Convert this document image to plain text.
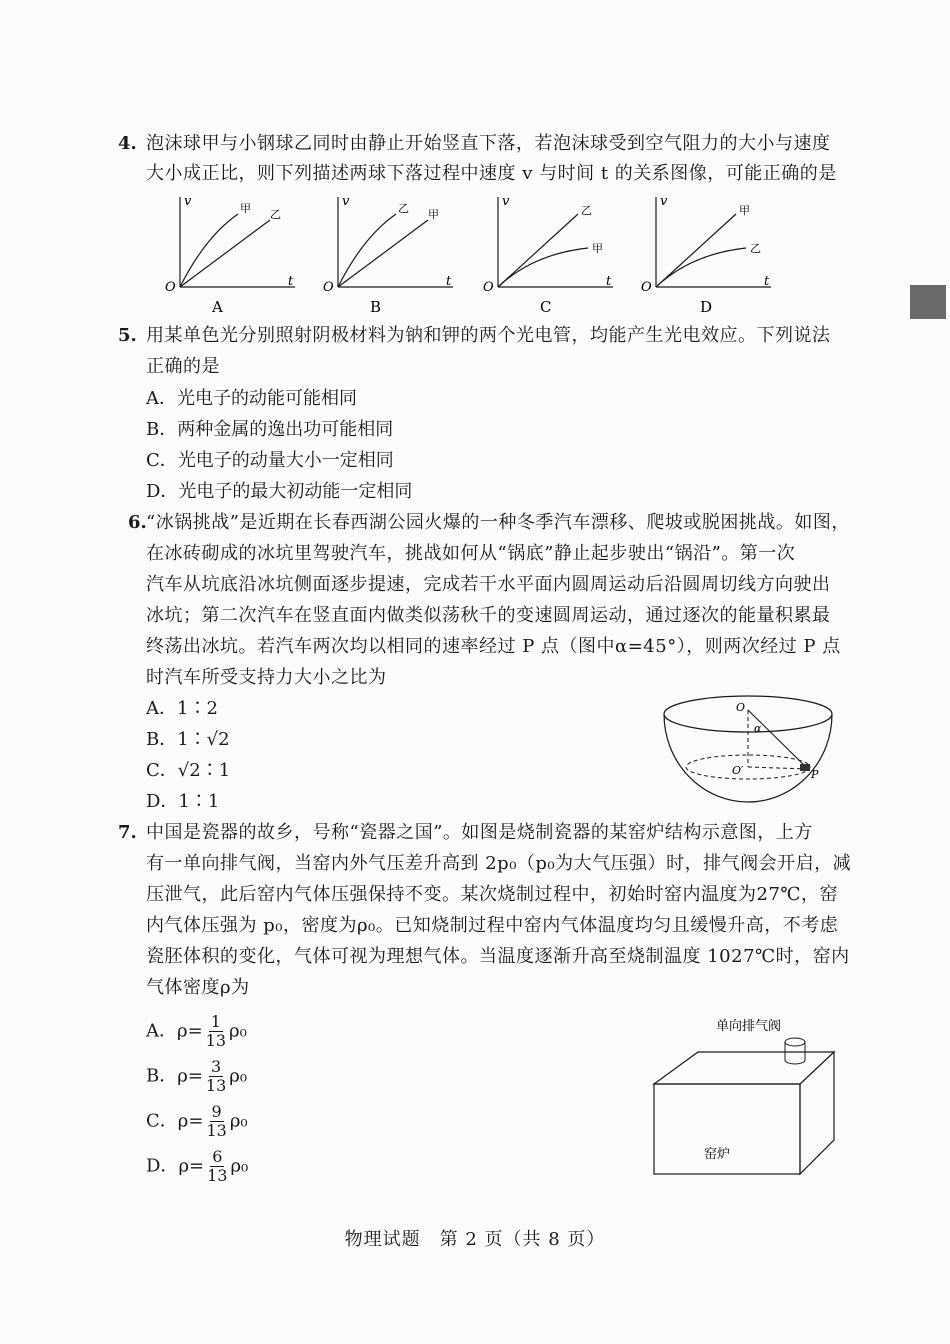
4. 泡沫球甲与小钢球乙同时由静止开始竖直下落，若泡沫球受到空气阻力的大小与速度
大小成正比，则下列描述两球下落过程中速度 v 与时间 t 的关系图像，可能正确的是
v
t
O
甲 乙
A
v
t
O
乙 甲
B
v
t
O
乙
甲
C
v
t
O
甲
乙
D
5. 用某单色光分别照射阴极材料为钠和钾的两个光电管，均能产生光电效应。下列说法
正确的是
A．光电子的动能可能相同
B．两种金属的逸出功可能相同
C．光电子的动量大小一定相同
D．光电子的最大初动能一定相同
6. “冰锅挑战”是近期在长春西湖公园火爆的一种冬季汽车漂移、爬坡或脱困挑战。如图，
在冰砖砌成的冰坑里驾驶汽车，挑战如何从“锅底”静止起步驶出“锅沿”。第一次
汽车从坑底沿冰坑侧面逐步提速，完成若干水平面内圆周运动后沿圆周切线方向驶出
冰坑；第二次汽车在竖直面内做类似荡秋千的变速圆周运动，通过逐次的能量积累最
终荡出冰坑。若汽车两次均以相同的速率经过 P 点（图中α=45°），则两次经过 P 点
时汽车所受支持力大小之比为
A．1∶2
B．1∶√2
C．√2∶1
D．1∶1
O
α
O′	P
7. 中国是瓷器的故乡，号称“瓷器之国”。如图是烧制瓷器的某窑炉结构示意图，上方
有一单向排气阀，当窑内外气压差升高到 2p₀（p₀为大气压强）时，排气阀会开启，减
压泄气，此后窑内气体压强保持不变。某次烧制过程中，初始时窑内温度为27℃，窑
内气体压强为 p₀，密度为ρ₀。已知烧制过程中窑内气体温度均匀且缓慢升高，不考虑
瓷胚体积的变化，气体可视为理想气体。当温度逐渐升高至烧制温度 1027℃时，窑内
气体密度ρ为
A．$\rho= \frac{1}{13} \rho_0$
B．$\rho= \frac{3}{13} \rho_0$
C．$\rho= \frac{9}{13} \rho_0$
D．$\rho= \frac{6}{13} \rho_0$
单向排气阀
窑炉
物理试题　第 2 页（共 8 页）
